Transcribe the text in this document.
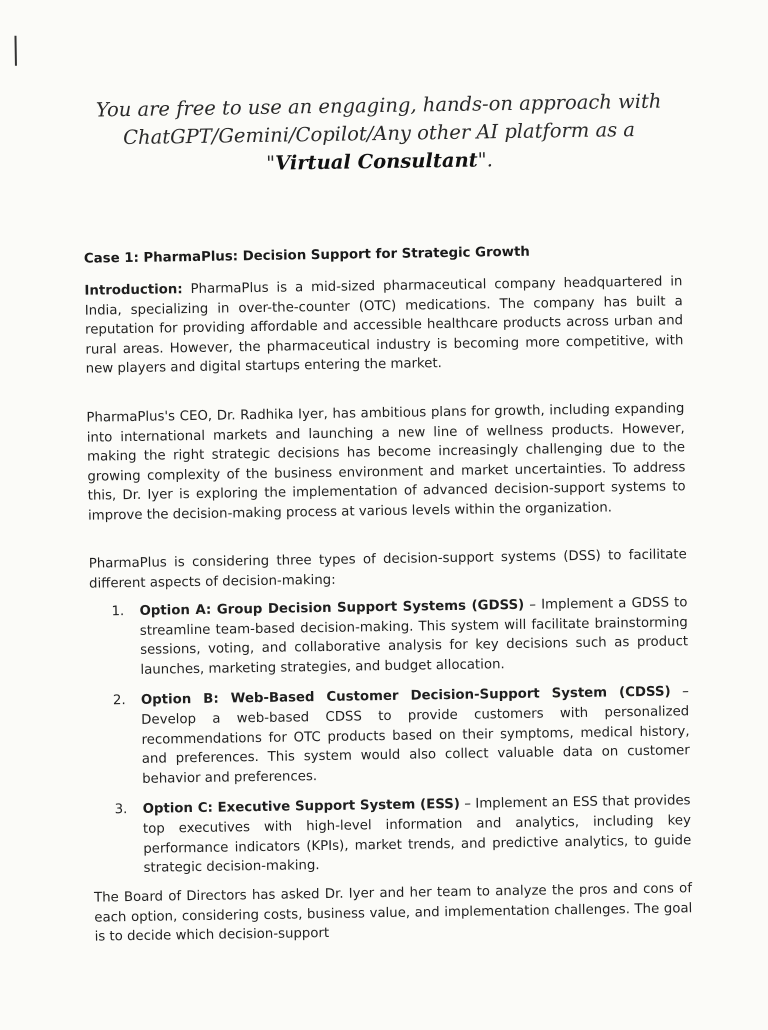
You are free to use an engaging, hands-on approach with
ChatGPT/Gemini/Copilot/Any other AI platform as a
"Virtual Consultant".
Case 1: PharmaPlus: Decision Support for Strategic Growth

Introduction: PharmaPlus is a mid-sized pharmaceutical company headquartered in India, specializing in over-the-counter (OTC) medications. The company has built a reputation for providing affordable and accessible healthcare products across urban and rural areas. However, the pharmaceutical industry is becoming more competitive, with new players and digital startups entering the market.

PharmaPlus's CEO, Dr. Radhika Iyer, has ambitious plans for growth, including expanding into international markets and launching a new line of wellness products. However, making the right strategic decisions has become increasingly challenging due to the growing complexity of the business environment and market uncertainties. To address this, Dr. Iyer is exploring the implementation of advanced decision-support systems to improve the decision-making process at various levels within the organization.

PharmaPlus is considering three types of decision-support systems (DSS) to facilitate different aspects of decision-making:

1. Option A: Group Decision Support Systems (GDSS) – Implement a GDSS to streamline team-based decision-making. This system will facilitate brainstorming sessions, voting, and collaborative analysis for key decisions such as product launches, marketing strategies, and budget allocation.
2. Option B: Web-Based Customer Decision-Support System (CDSS) – Develop a web-based CDSS to provide customers with personalized recommendations for OTC products based on their symptoms, medical history, and preferences. This system would also collect valuable data on customer behavior and preferences.
3. Option C: Executive Support System (ESS) – Implement an ESS that provides top executives with high-level information and analytics, including key performance indicators (KPIs), market trends, and predictive analytics, to guide strategic decision-making.

The Board of Directors has asked Dr. Iyer and her team to analyze the pros and cons of each option, considering costs, business value, and implementation challenges. The goal is to decide which decision-support
